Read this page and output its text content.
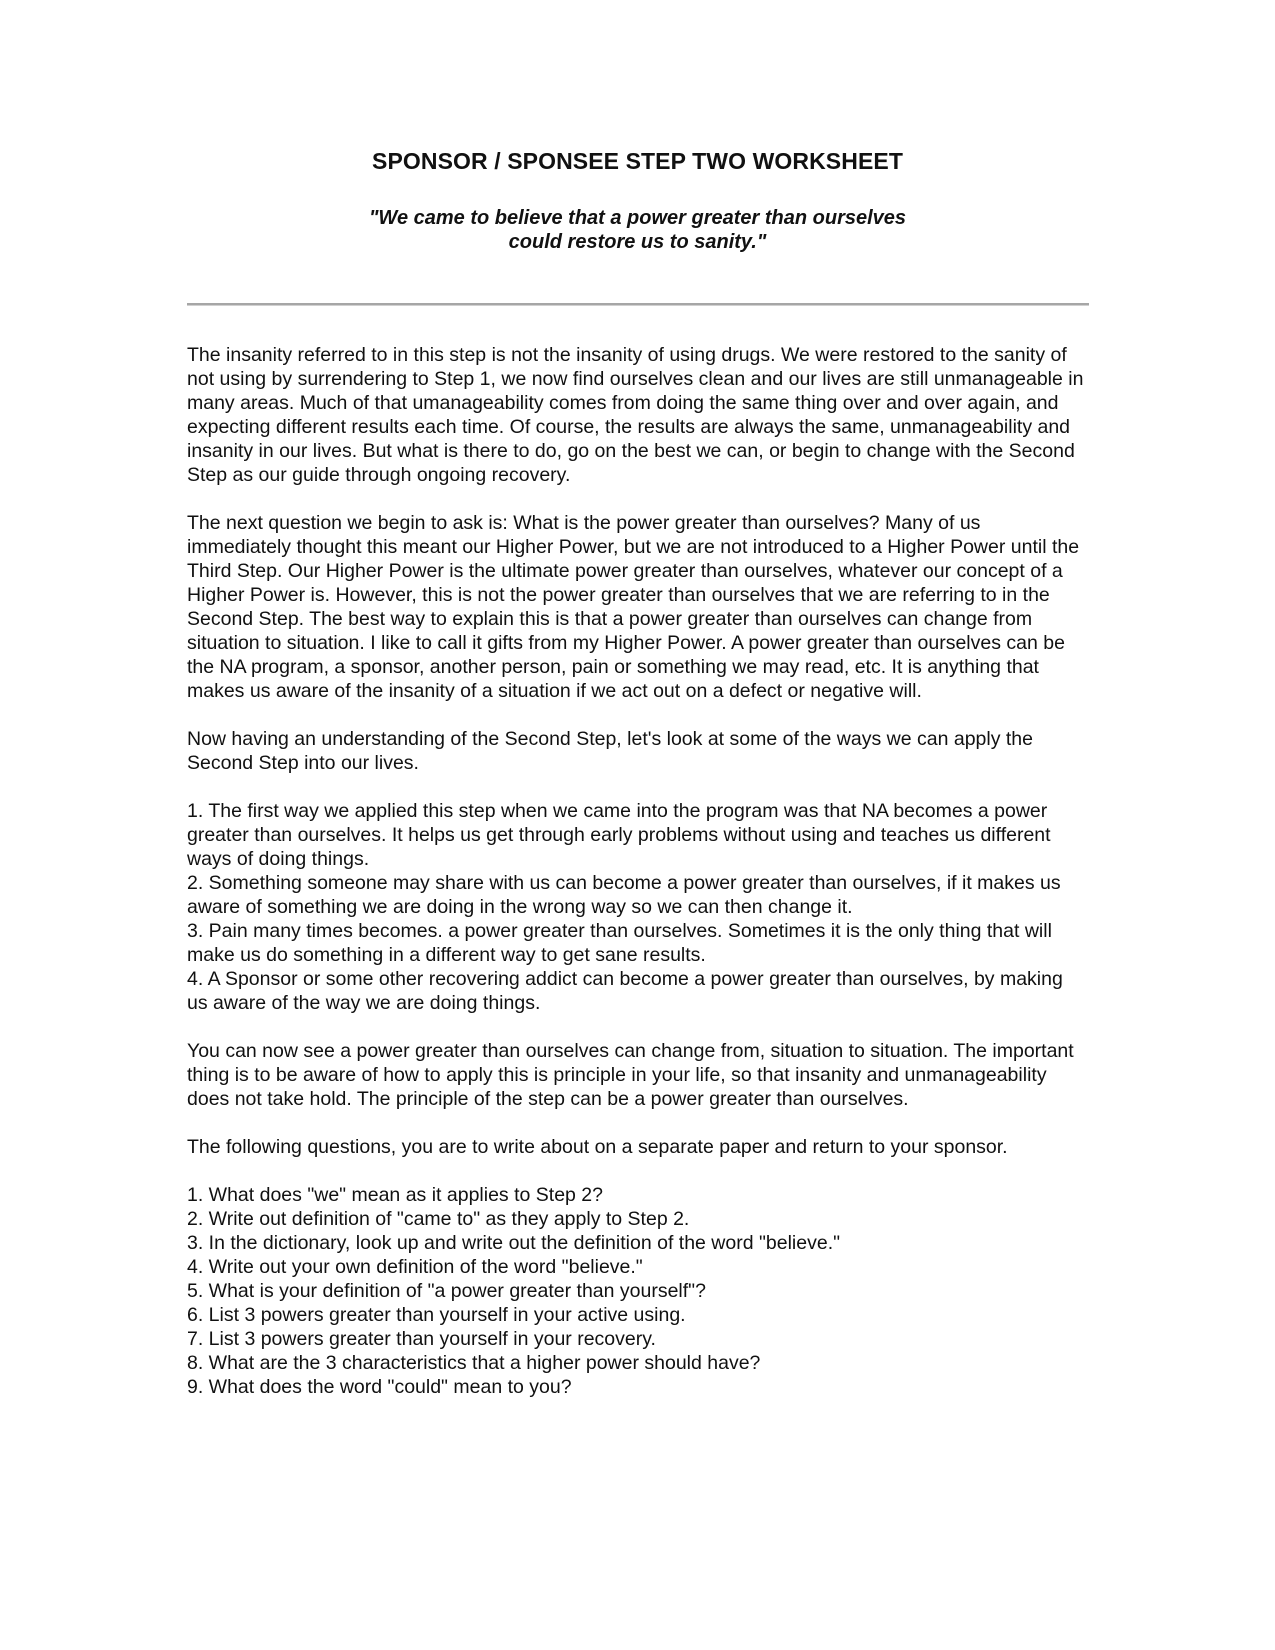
SPONSOR / SPONSEE STEP TWO WORKSHEET
"We came to believe that a power greater than ourselves
could restore us to sanity."

The insanity referred to in this step is not the insanity of using drugs. We were restored to the sanity of not using by surrendering to Step 1, we now find ourselves clean and our lives are still unmanageable in many areas. Much of that umanageability comes from doing the same thing over and over again, and expecting different results each time. Of course, the results are always the same, unmanageability and insanity in our lives. But what is there to do, go on the best we can, or begin to change with the Second Step as our guide through ongoing recovery.

The next question we begin to ask is: What is the power greater than ourselves? Many of us immediately thought this meant our Higher Power, but we are not introduced to a Higher Power until the Third Step. Our Higher Power is the ultimate power greater than ourselves, whatever our concept of a Higher Power is. However, this is not the power greater than ourselves that we are referring to in the Second Step. The best way to explain this is that a power greater than ourselves can change from situation to situation. I like to call it gifts from my Higher Power. A power greater than ourselves can be the NA program, a sponsor, another person, pain or something we may read, etc. It is anything that makes us aware of the insanity of a situation if we act out on a defect or negative will.

Now having an understanding of the Second Step, let's look at some of the ways we can apply the Second Step into our lives.

1. The first way we applied this step when we came into the program was that NA becomes a power greater than ourselves. It helps us get through early problems without using and teaches us different ways of doing things.
2. Something someone may share with us can become a power greater than ourselves, if it makes us aware of something we are doing in the wrong way so we can then change it.
3. Pain many times becomes. a power greater than ourselves. Sometimes it is the only thing that will make us do something in a different way to get sane results.
4. A Sponsor or some other recovering addict can become a power greater than ourselves, by making us aware of the way we are doing things.

You can now see a power greater than ourselves can change from, situation to situation. The important thing is to be aware of how to apply this is principle in your life, so that insanity and unmanageability does not take hold. The principle of the step can be a power greater than ourselves.

The following questions, you are to write about on a separate paper and return to your sponsor.

1. What does "we" mean as it applies to Step 2?
2. Write out definition of "came to" as they apply to Step 2.
3. In the dictionary, look up and write out the definition of the word "believe."
4. Write out your own definition of the word "believe."
5. What is your definition of "a power greater than yourself"?
6. List 3 powers greater than yourself in your active using.
7. List 3 powers greater than yourself in your recovery.
8. What are the 3 characteristics that a higher power should have?
9. What does the word "could" mean to you?
